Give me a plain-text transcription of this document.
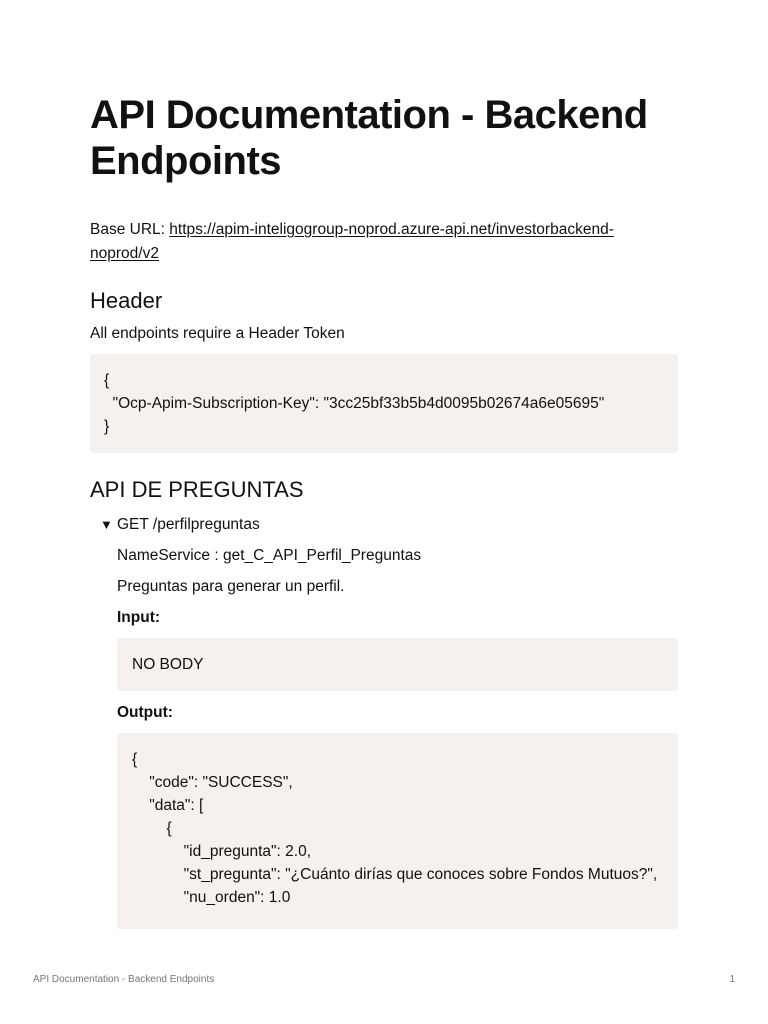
API Documentation - Backend Endpoints

Base URL: https://apim-inteligogroup-noprod.azure-api.net/investorbackend-noprod/v2

Header

All endpoints require a Header Token

{
"Ocp-Apim-Subscription-Key": "3cc25bf33b5b4d0095b02674a6e05695"
}
API DE PREGUNTAS
▼ GET /perfilpreguntas

NameService : get_C_API_Perfil_Preguntas

Preguntas para generar un perfil.

Input:

NO BODY

Output:

{
"code": "SUCCESS",
"data": [
{
"id_pregunta": 2.0,
"st_pregunta": "¿Cuánto dirías que conoces sobre Fondos Mutuos?",
"nu_orden": 1.0
API Documentation - Backend Endpoints	1
